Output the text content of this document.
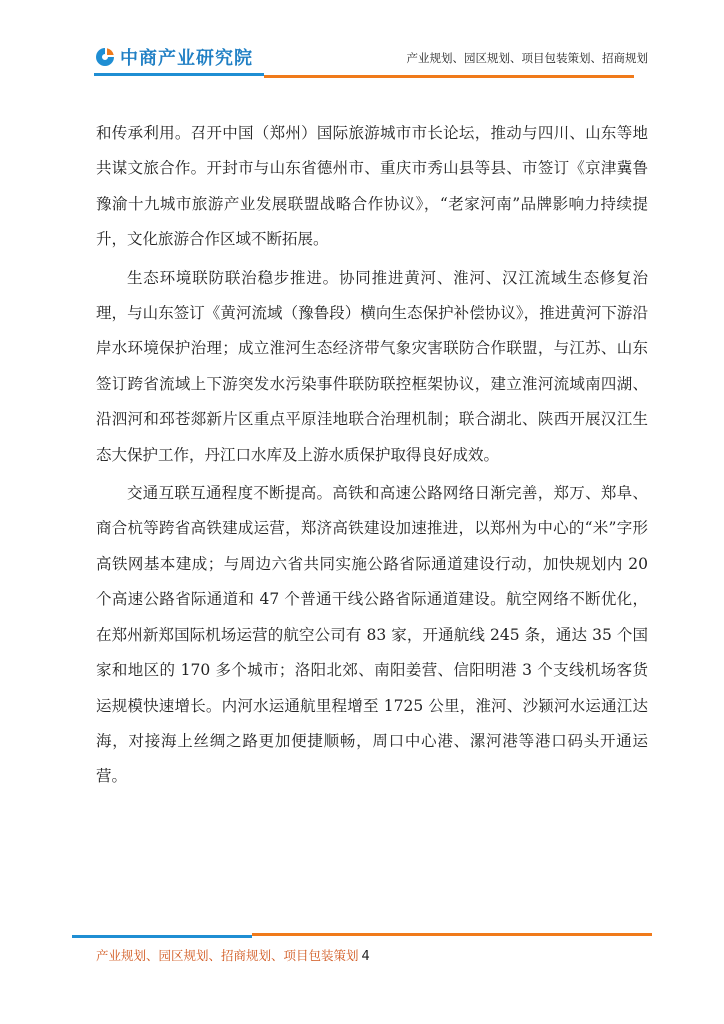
中商产业研究院	产业规划、园区规划、项目包装策划、招商规划

和传承利用。召开中国（郑州）国际旅游城市市长论坛，推动与四川、山东等地共谋文旅合作。开封市与山东省德州市、重庆市秀山县等县、市签订《京津冀鲁豫渝十九城市旅游产业发展联盟战略合作协议》，“老家河南”品牌影响力持续提升，文化旅游合作区域不断拓展。

生态环境联防联治稳步推进。协同推进黄河、淮河、汉江流域生态修复治理，与山东签订《黄河流域（豫鲁段）横向生态保护补偿协议》，推进黄河下游沿岸水环境保护治理；成立淮河生态经济带气象灾害联防合作联盟，与江苏、山东签订跨省流域上下游突发水污染事件联防联控框架协议，建立淮河流域南四湖、沿泗河和邳苍郯新片区重点平原洼地联合治理机制；联合湖北、陕西开展汉江生态大保护工作，丹江口水库及上游水质保护取得良好成效。

交通互联互通程度不断提高。高铁和高速公路网络日渐完善，郑万、郑阜、商合杭等跨省高铁建成运营，郑济高铁建设加速推进，以郑州为中心的“米”字形高铁网基本建成；与周边六省共同实施公路省际通道建设行动，加快规划内 20 个高速公路省际通道和 47 个普通干线公路省际通道建设。航空网络不断优化，在郑州新郑国际机场运营的航空公司有 83 家，开通航线 245 条，通达 35 个国家和地区的 170 多个城市；洛阳北郊、南阳姜营、信阳明港 3 个支线机场客货运规模快速增长。内河水运通航里程增至 1725 公里，淮河、沙颍河水运通江达海，对接海上丝绸之路更加便捷顺畅，周口中心港、漯河港等港口码头开通运营。

产业规划、园区规划、招商规划、项目包装策划 4
